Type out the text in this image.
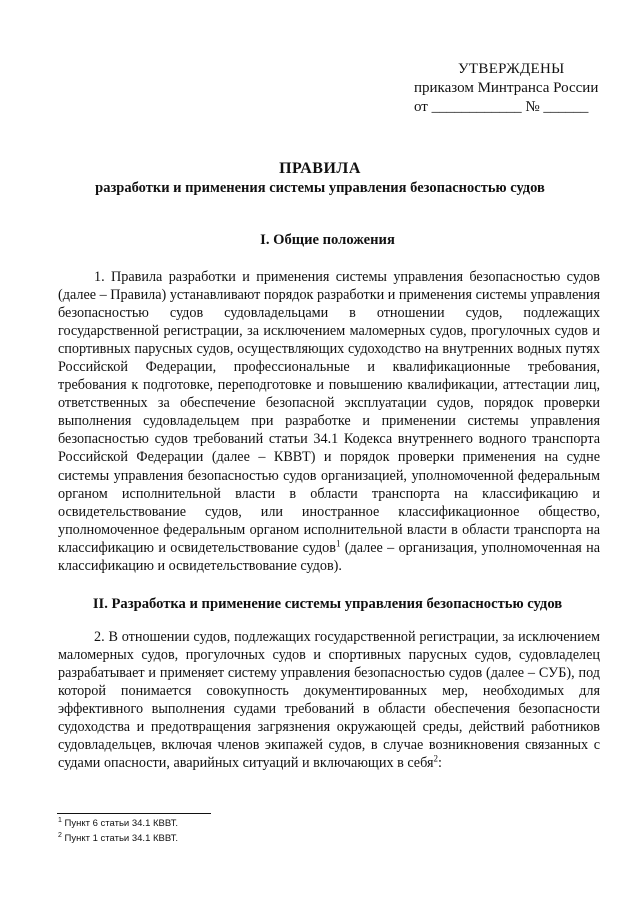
УТВЕРЖДЕНЫ
приказом Минтранса России
от ____________ № ______
ПРАВИЛА
разработки и применения системы управления безопасностью судов
I. Общие положения

1. Правила разработки и применения системы управления безопасностью судов (далее – Правила) устанавливают порядок разработки и применения системы управления безопасностью судов судовладельцами в отношении судов, подлежащих государственной регистрации, за исключением маломерных судов, прогулочных судов и спортивных парусных судов, осуществляющих судоходство на внутренних водных путях Российской Федерации, профессиональные и квалификационные требования, требования к подготовке, переподготовке и повышению квалификации, аттестации лиц, ответственных за обеспечение безопасной эксплуатации судов, порядок проверки выполнения судовладельцем при разработке и применении системы управления безопасностью судов требований статьи 34.1 Кодекса внутреннего водного транспорта Российской Федерации (далее – КВВТ) и порядок проверки применения на судне системы управления безопасностью судов организацией, уполномоченной федеральным органом исполнительной власти в области транспорта на классификацию и освидетельствование судов, или иностранное классификационное общество, уполномоченное федеральным органом исполнительной власти в области транспорта на классификацию и освидетельствование судов$^1$ (далее – организация, уполномоченная на классификацию и освидетельствование судов).

II. Разработка и применение системы управления безопасностью судов

2. В отношении судов, подлежащих государственной регистрации, за исключением маломерных судов, прогулочных судов и спортивных парусных судов, судовладелец разрабатывает и применяет систему управления безопасностью судов (далее – СУБ), под которой понимается совокупность документированных мер, необходимых для эффективного выполнения судами требований в области обеспечения безопасности судоходства и предотвращения загрязнения окружающей среды, действий работников судовладельцев, включая членов экипажей судов, в случае возникновения связанных с судами опасности, аварийных ситуаций и включающих в себя$^2$:

$^1$ Пункт 6 статьи 34.1 КВВТ.
$^2$ Пункт 1 статьи 34.1 КВВТ.
